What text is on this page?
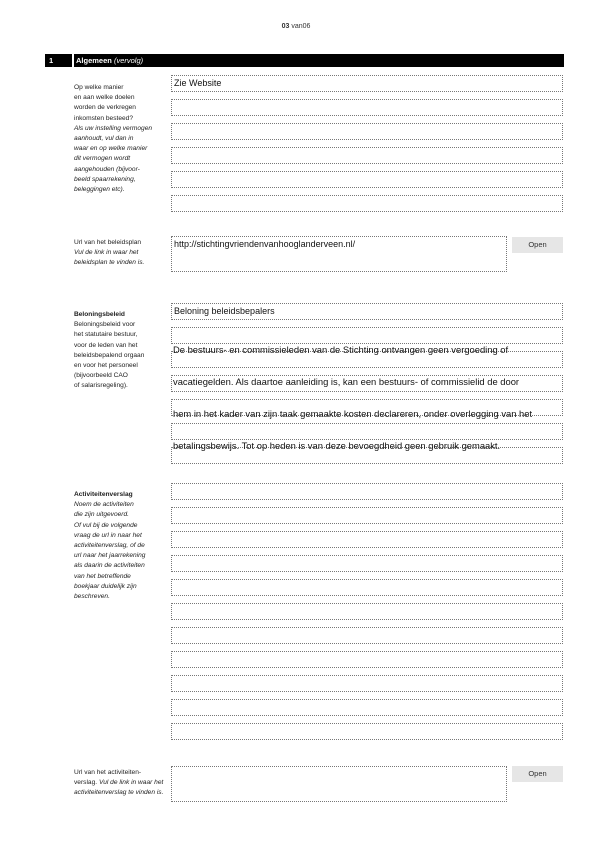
03 van06
1	Algemeen (vervolg)
Op welke manier
en aan welke doelen
worden de verkregen
inkomsten besteed?
Als uw instelling vermogen
aanhoudt, vul dan in
waar en op welke manier
dit vermogen wordt
aangehouden (bijvoor-
beeld spaarrekening,
beleggingen etc).
Zie Website
Url van het beleidsplan
Vul de link in waar het
beleidsplan te vinden is.
http://stichtingvriendenvanhooglanderveen.nl/	Open
Beloningsbeleid
Beloningsbeleid voor
het statutaire bestuur,
voor de leden van het
beleidsbepalend orgaan
en voor het personeel
(bijvoorbeeld CAO
of salarisregeling).
Beloning beleidsbepalers

De bestuurs- en commissieleden van de Stichting ontvangen geen vergoeding of

vacatiegelden. Als daartoe aanleiding is, kan een bestuurs- of commissielid de door

hem in het kader van zijn taak gemaakte kosten declareren, onder overlegging van het

betalingsbewijs. Tot op heden is van deze bevoegdheid geen gebruik gemaakt.

Activiteitenverslag
Noem de activiteiten
die zijn uitgevoerd.
Of vul bij de volgende
vraag de url in naar het
activiteitenverslag, of de
url naar het jaarrekening
als daarin de activiteiten
van het betreffende
boekjaar duidelijk zijn
beschreven.
Url van het activiteiten-
verslag. Vul de link in waar het
activiteitenverslag te vinden is.
Open
